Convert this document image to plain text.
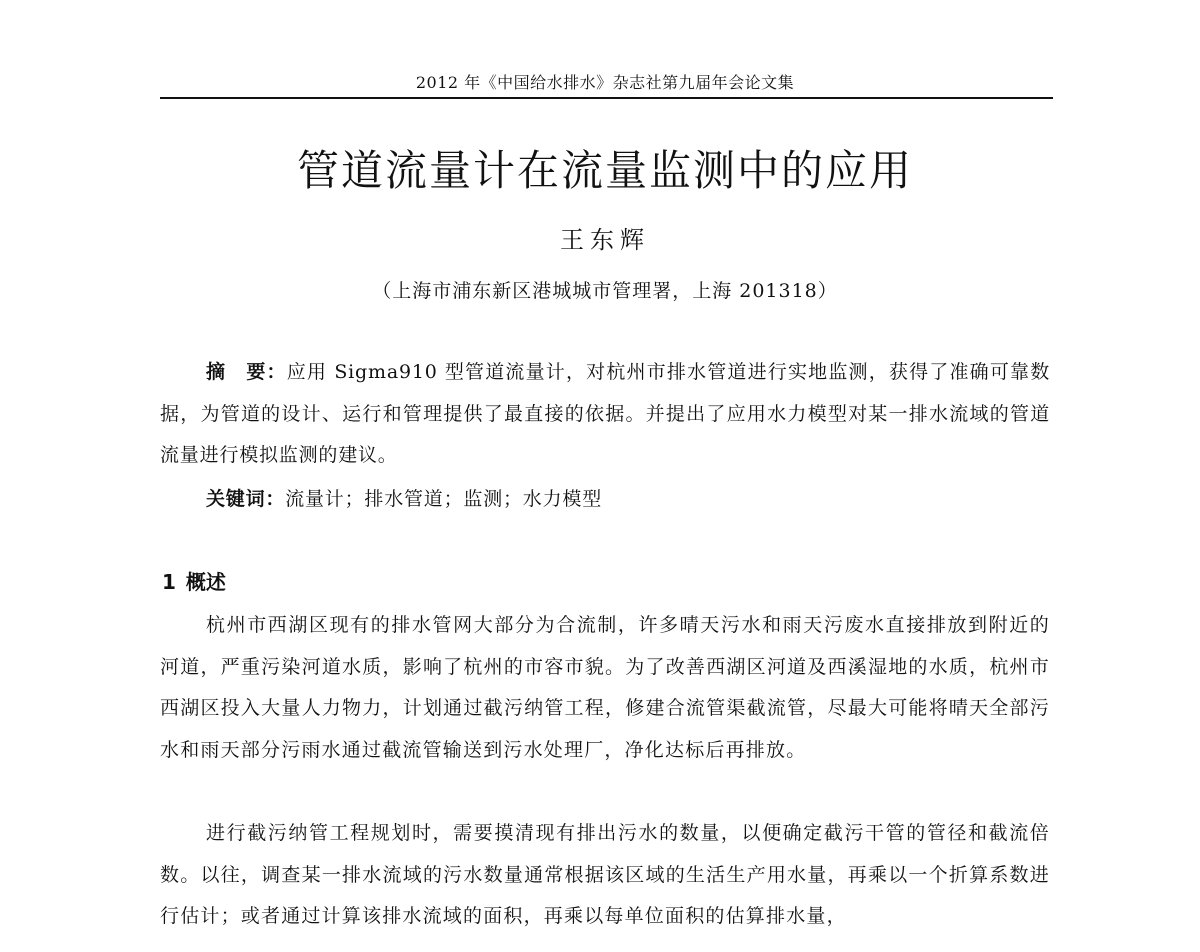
2012 年《中国给水排水》杂志社第九届年会论文集
管道流量计在流量监测中的应用
王东辉
（上海市浦东新区港城城市管理署，上海 201318）

摘　要：应用 Sigma910 型管道流量计，对杭州市排水管道进行实地监测，获得了准确可靠数据，为管道的设计、运行和管理提供了最直接的依据。并提出了应用水力模型对某一排水流域的管道流量进行模拟监测的建议。

关键词：流量计；排水管道；监测；水力模型

1 概述

杭州市西湖区现有的排水管网大部分为合流制，许多晴天污水和雨天污废水直接排放到附近的河道，严重污染河道水质，影响了杭州的市容市貌。为了改善西湖区河道及西溪湿地的水质，杭州市西湖区投入大量人力物力，计划通过截污纳管工程，修建合流管渠截流管，尽最大可能将晴天全部污水和雨天部分污雨水通过截流管输送到污水处理厂，净化达标后再排放。

进行截污纳管工程规划时，需要摸清现有排出污水的数量，以便确定截污干管的管径和截流倍数。以往，调查某一排水流域的污水数量通常根据该区域的生活生产用水量，再乘以一个折算系数进行估计；或者通过计算该排水流域的面积，再乘以每单位面积的估算排水量，
